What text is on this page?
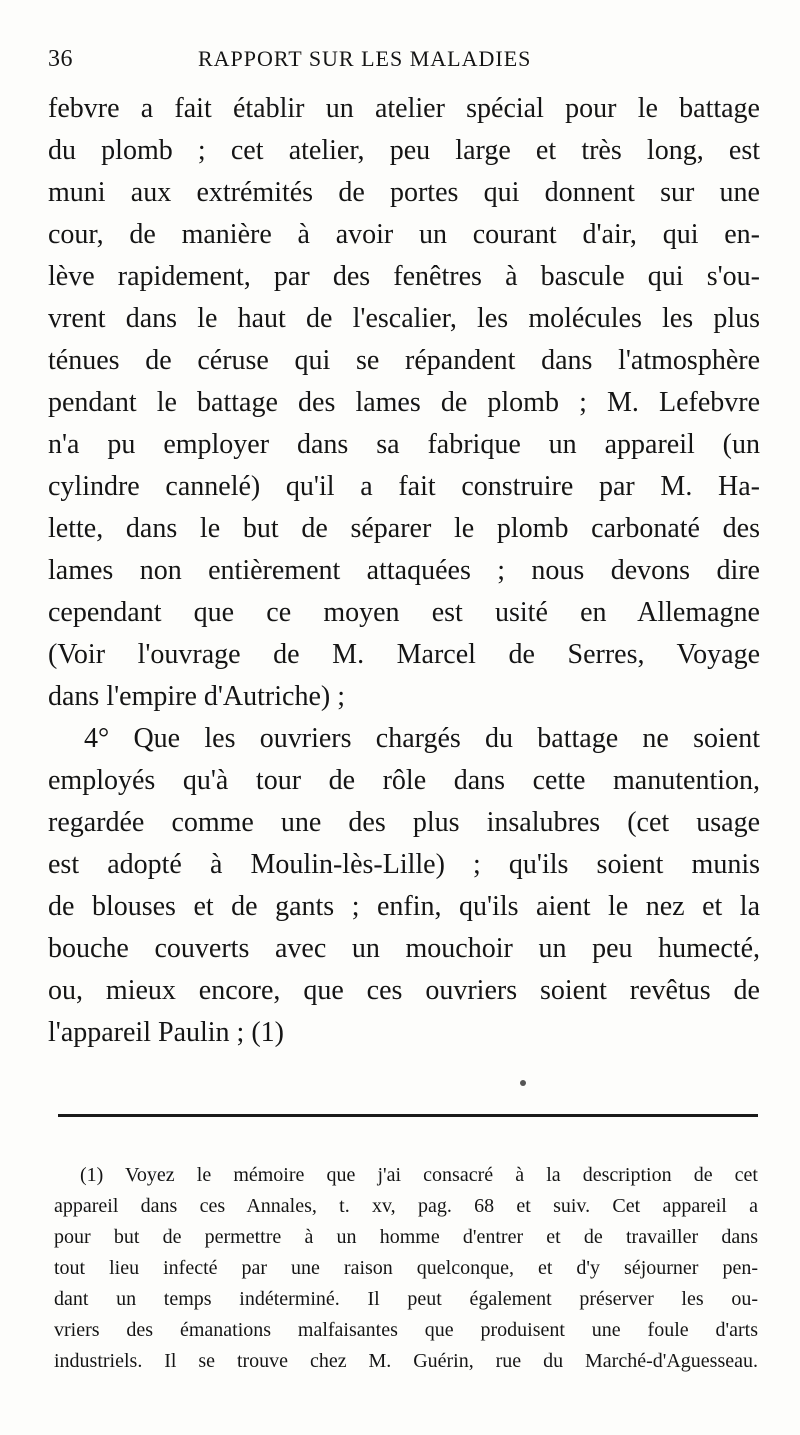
36	RAPPORT SUR LES MALADIES
febvre a fait établir un atelier spécial pour le battage
du plomb ; cet atelier, peu large et très long, est
muni aux extrémités de portes qui donnent sur une
cour, de manière à avoir un courant d'air, qui en-
lève rapidement, par des fenêtres à bascule qui s'ou-
vrent dans le haut de l'escalier, les molécules les plus
ténues de céruse qui se répandent dans l'atmosphère
pendant le battage des lames de plomb ; M. Lefebvre
n'a pu employer dans sa fabrique un appareil (un
cylindre cannelé) qu'il a fait construire par M. Ha-
lette, dans le but de séparer le plomb carbonaté des
lames non entièrement attaquées ; nous devons dire
cependant que ce moyen est usité en Allemagne
(Voir l'ouvrage de M. Marcel de Serres, Voyage
dans l'empire d'Autriche) ;
4° Que les ouvriers chargés du battage ne soient
employés qu'à tour de rôle dans cette manutention,
regardée comme une des plus insalubres (cet usage
est adopté à Moulin-lès-Lille) ; qu'ils soient munis
de blouses et de gants ; enfin, qu'ils aient le nez et la
bouche couverts avec un mouchoir un peu humecté,
ou, mieux encore, que ces ouvriers soient revêtus de
l'appareil Paulin ; (1)
(1) Voyez le mémoire que j'ai consacré à la description de cet
appareil dans ces Annales, t. xv, pag. 68 et suiv. Cet appareil a
pour but de permettre à un homme d'entrer et de travailler dans
tout lieu infecté par une raison quelconque, et d'y séjourner pen-
dant un temps indéterminé. Il peut également préserver les ou-
vriers des émanations malfaisantes que produisent une foule d'arts
industriels. Il se trouve chez M. Guérin, rue du Marché-d'Aguesseau.
